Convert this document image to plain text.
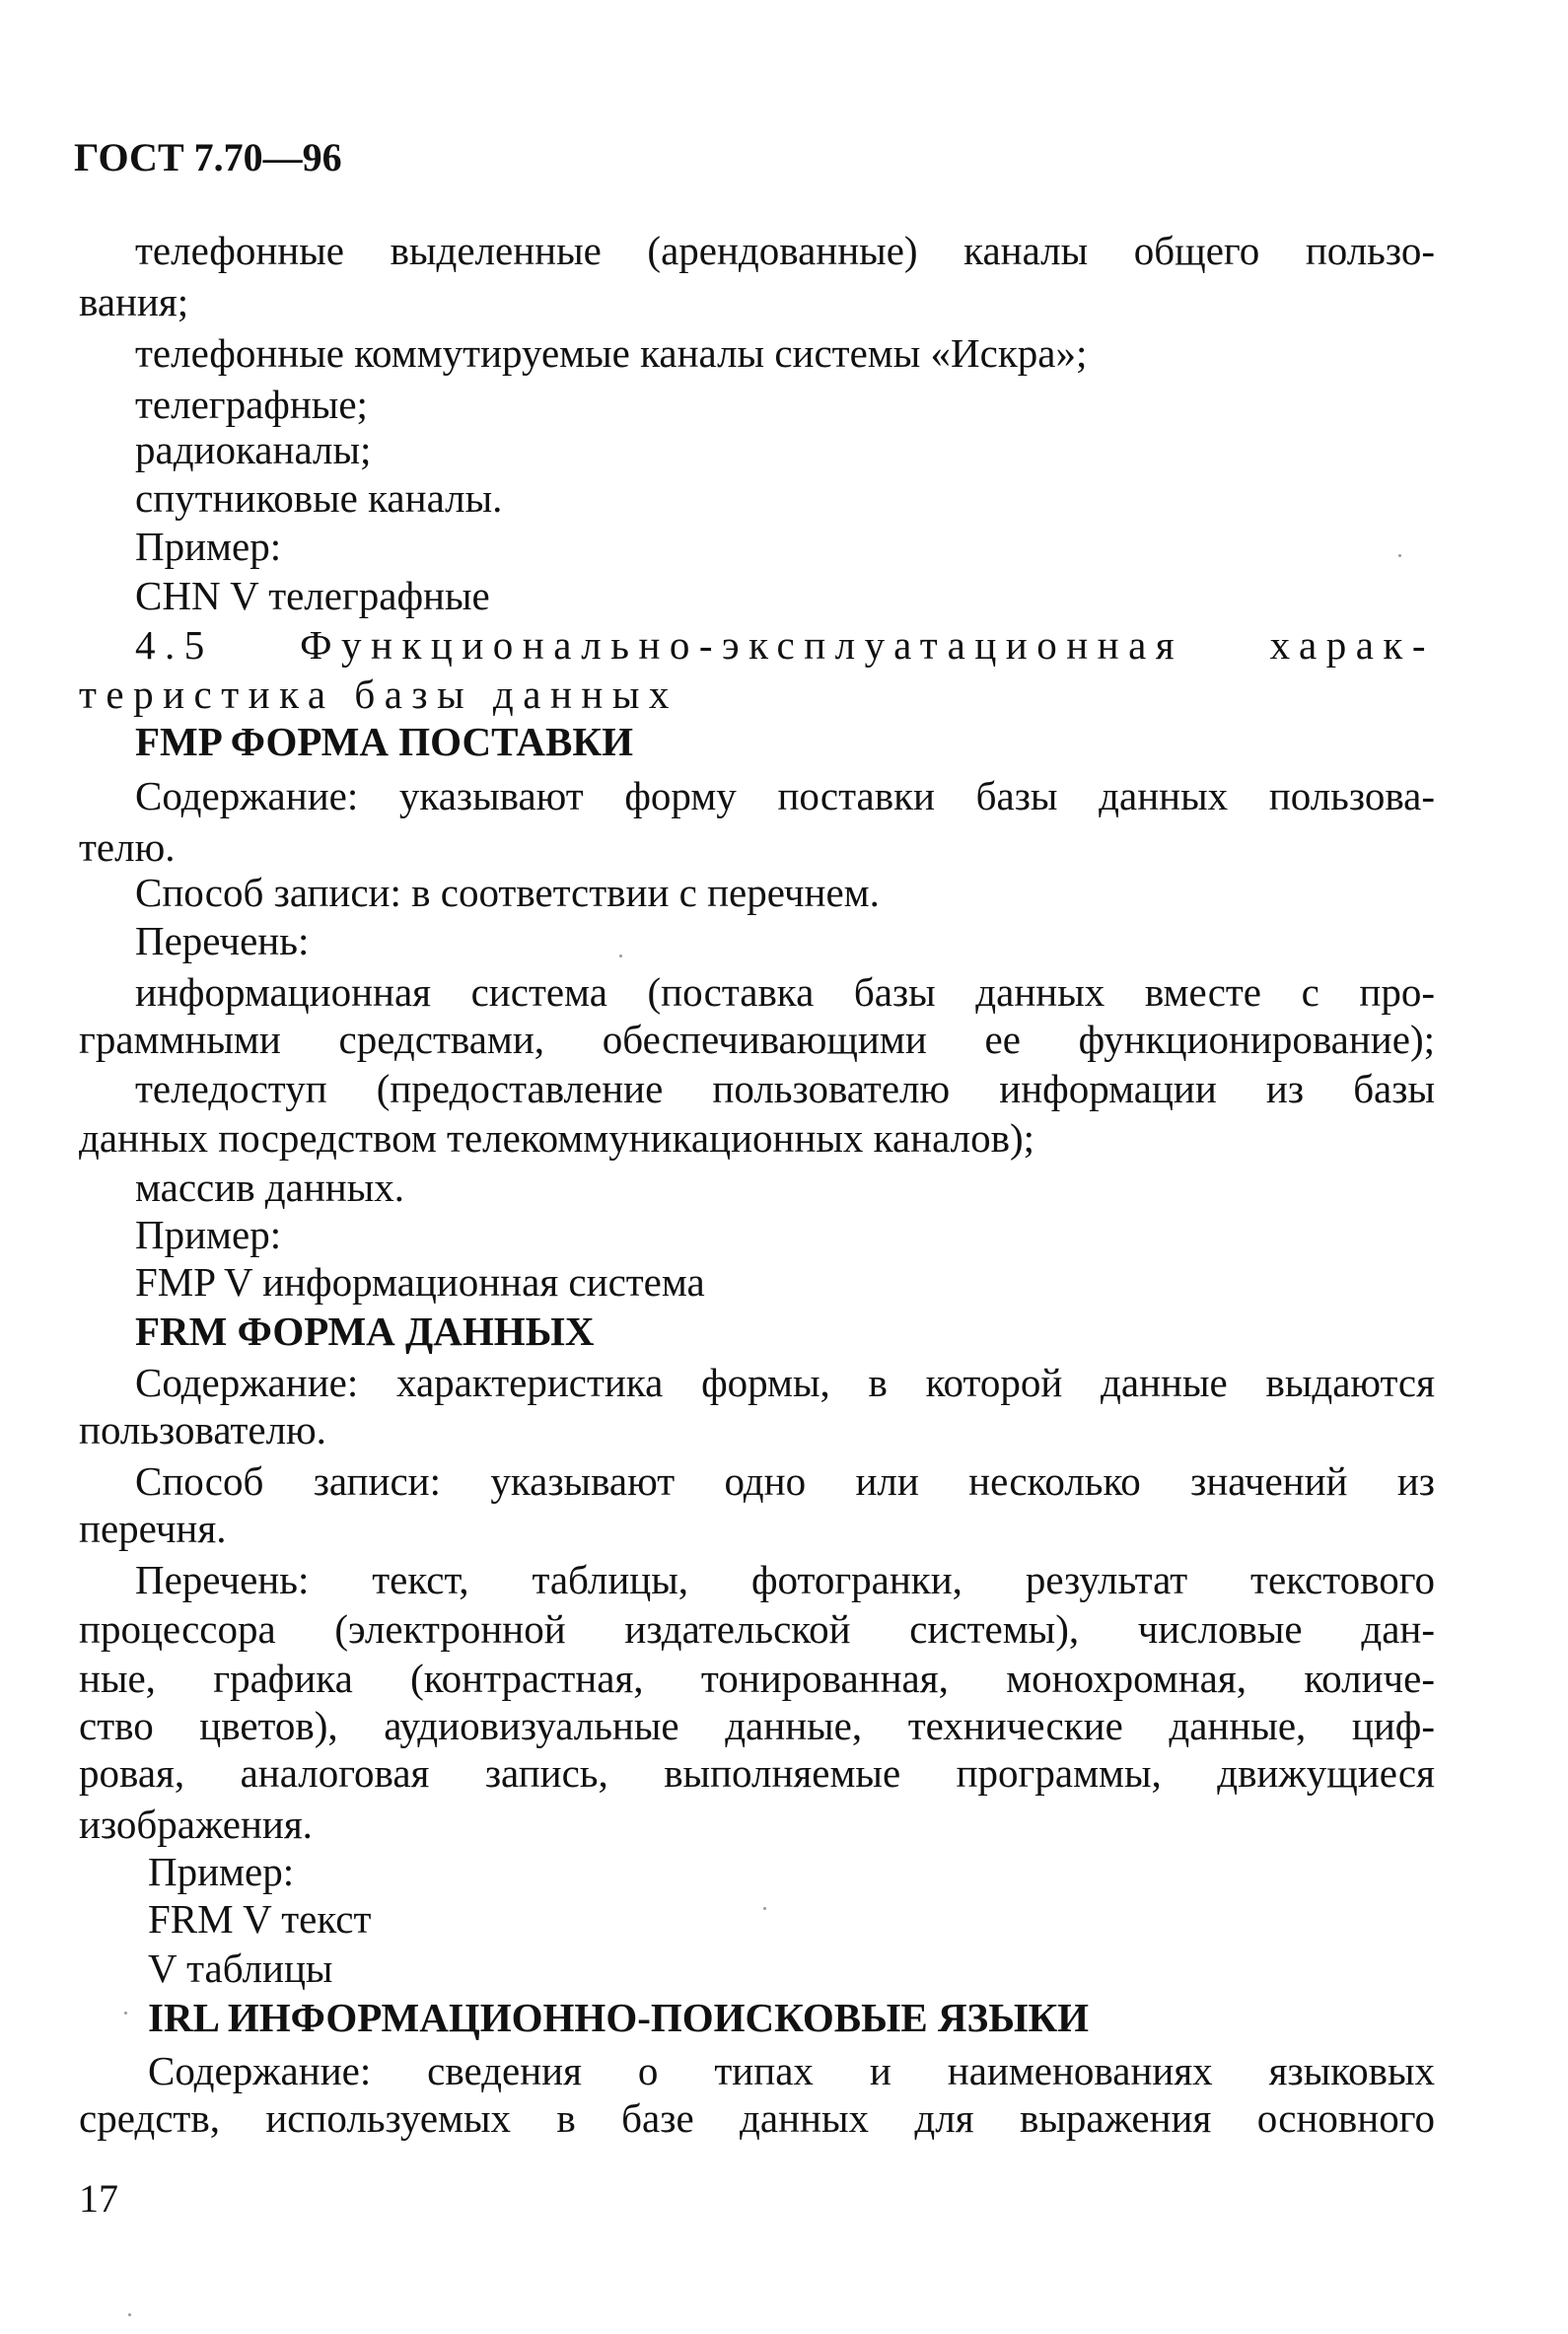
ГОСТ 7.70—96
телефонные выделенные (арендованные) каналы общего пользо-
вания;
телефонные коммутируемые каналы системы «Искра»;
телеграфные;
радиоканалы;
спутниковые каналы.
Пример:
CHN V телеграфные
4.5 Функционально-эксплуатационная харак-
теристика базы данных
FMP ФОРМА ПОСТАВКИ
Содержание: указывают форму поставки базы данных пользова-
телю.
Способ записи: в соответствии с перечнем.
Перечень:
информационная система (поставка базы данных вместе с про-
граммными средствами, обеспечивающими ее функционирование);
теледоступ (предоставление пользователю информации из базы
данных посредством телекоммуникационных каналов);
массив данных.
Пример:
FMP V информационная система
FRM ФОРМА ДАННЫХ
Содержание: характеристика формы, в которой данные выдаются
пользователю.
Способ записи: указывают одно или несколько значений из
перечня.
Перечень: текст, таблицы, фотогранки, результат текстового
процессора (электронной издательской системы), числовые дан-
ные, графика (контрастная, тонированная, монохромная, количе-
ство цветов), аудиовизуальные данные, технические данные, циф-
ровая, аналоговая запись, выполняемые программы, движущиеся
изображения.
Пример:
FRM V текст
V таблицы
IRL ИНФОРМАЦИОННО-ПОИСКОВЫЕ ЯЗЫКИ
Содержание: сведения о типах и наименованиях языковых
средств, используемых в базе данных для выражения основного
17
